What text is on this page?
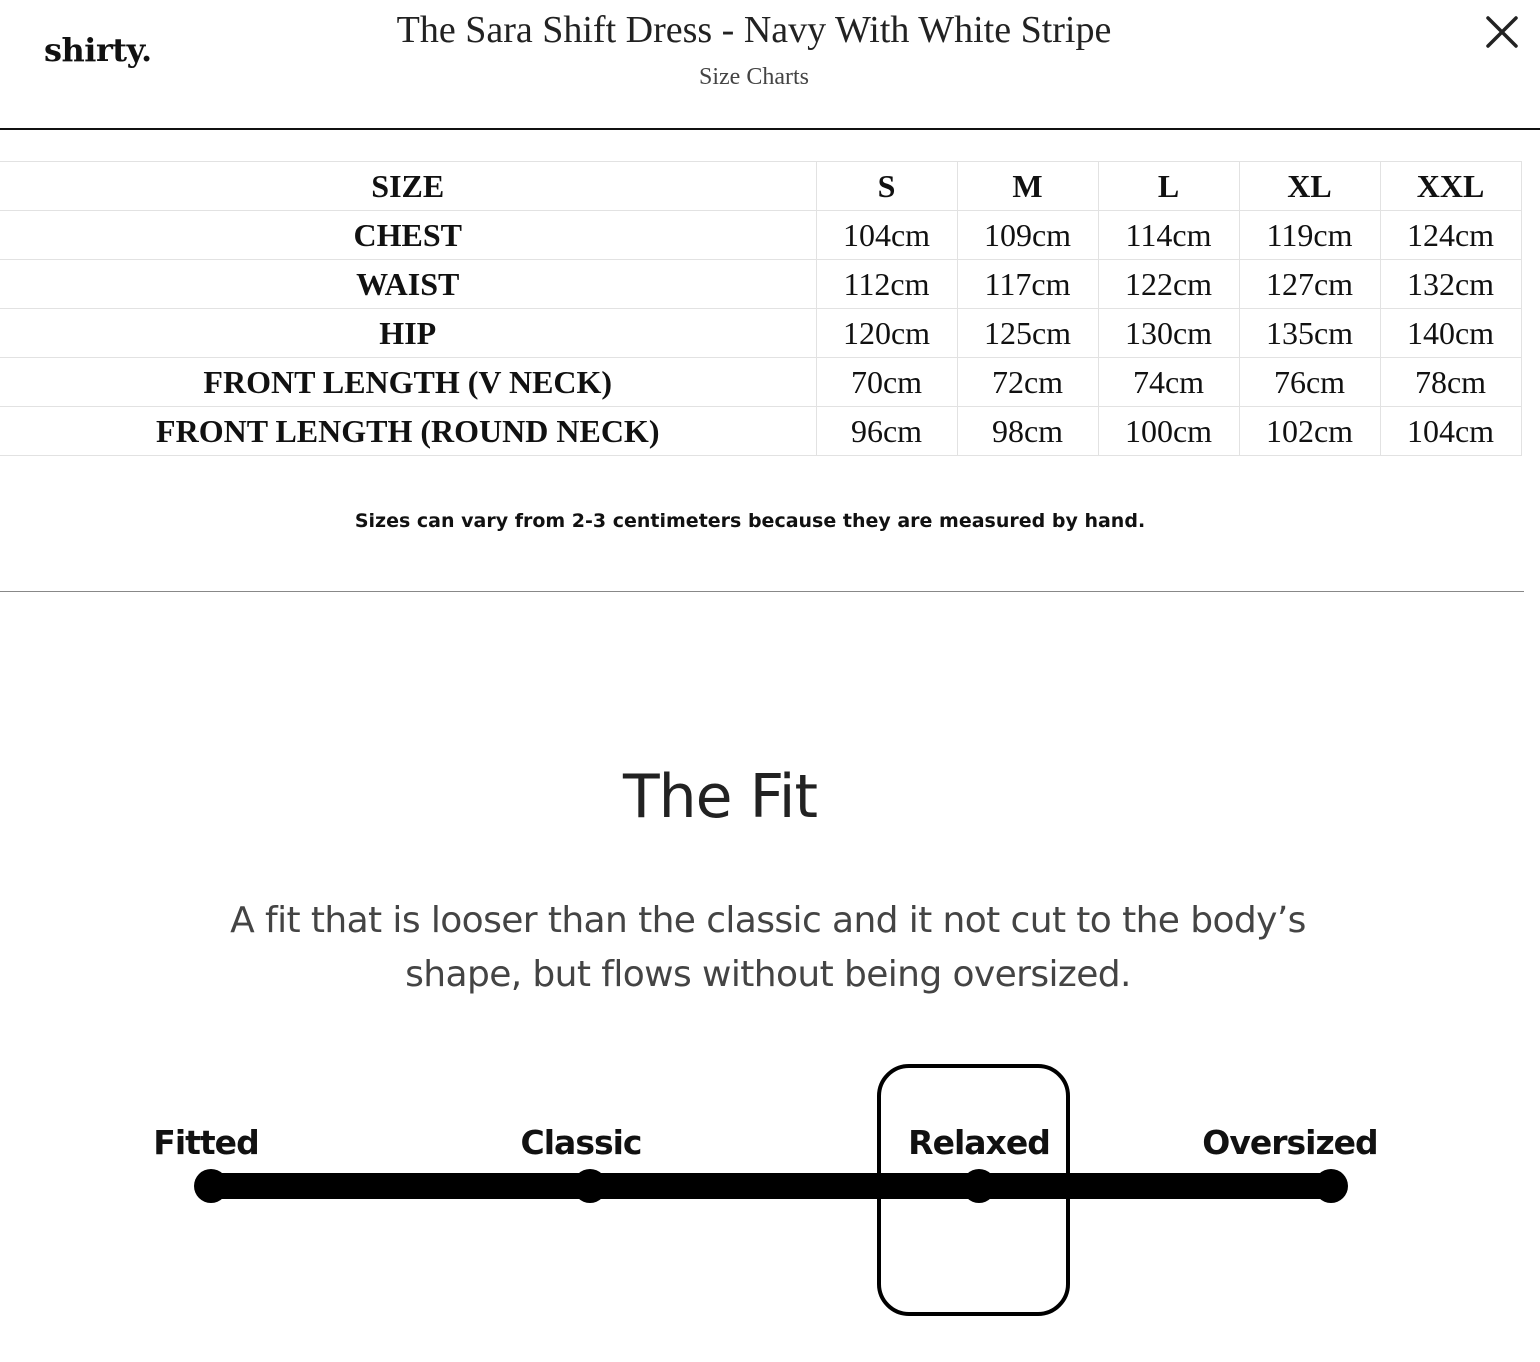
shirty.	The Sara Shift Dress - Navy With White Stripe
Size Charts
SIZE	S	M	L	XL	XXL
CHEST	104cm	109cm	114cm	119cm	124cm
WAIST	112cm	117cm	122cm	127cm	132cm
HIP	120cm	125cm	130cm	135cm	140cm
FRONT LENGTH (V NECK)	70cm	72cm	74cm	76cm	78cm
FRONT LENGTH (ROUND NECK)	96cm	98cm	100cm	102cm	104cm
Sizes can vary from 2-3 centimeters because they are measured by hand.
The Fit
A fit that is looser than the classic and it not cut to the body’s shape, but flows without being oversized.
Fitted	Classic	Relaxed	Oversized
